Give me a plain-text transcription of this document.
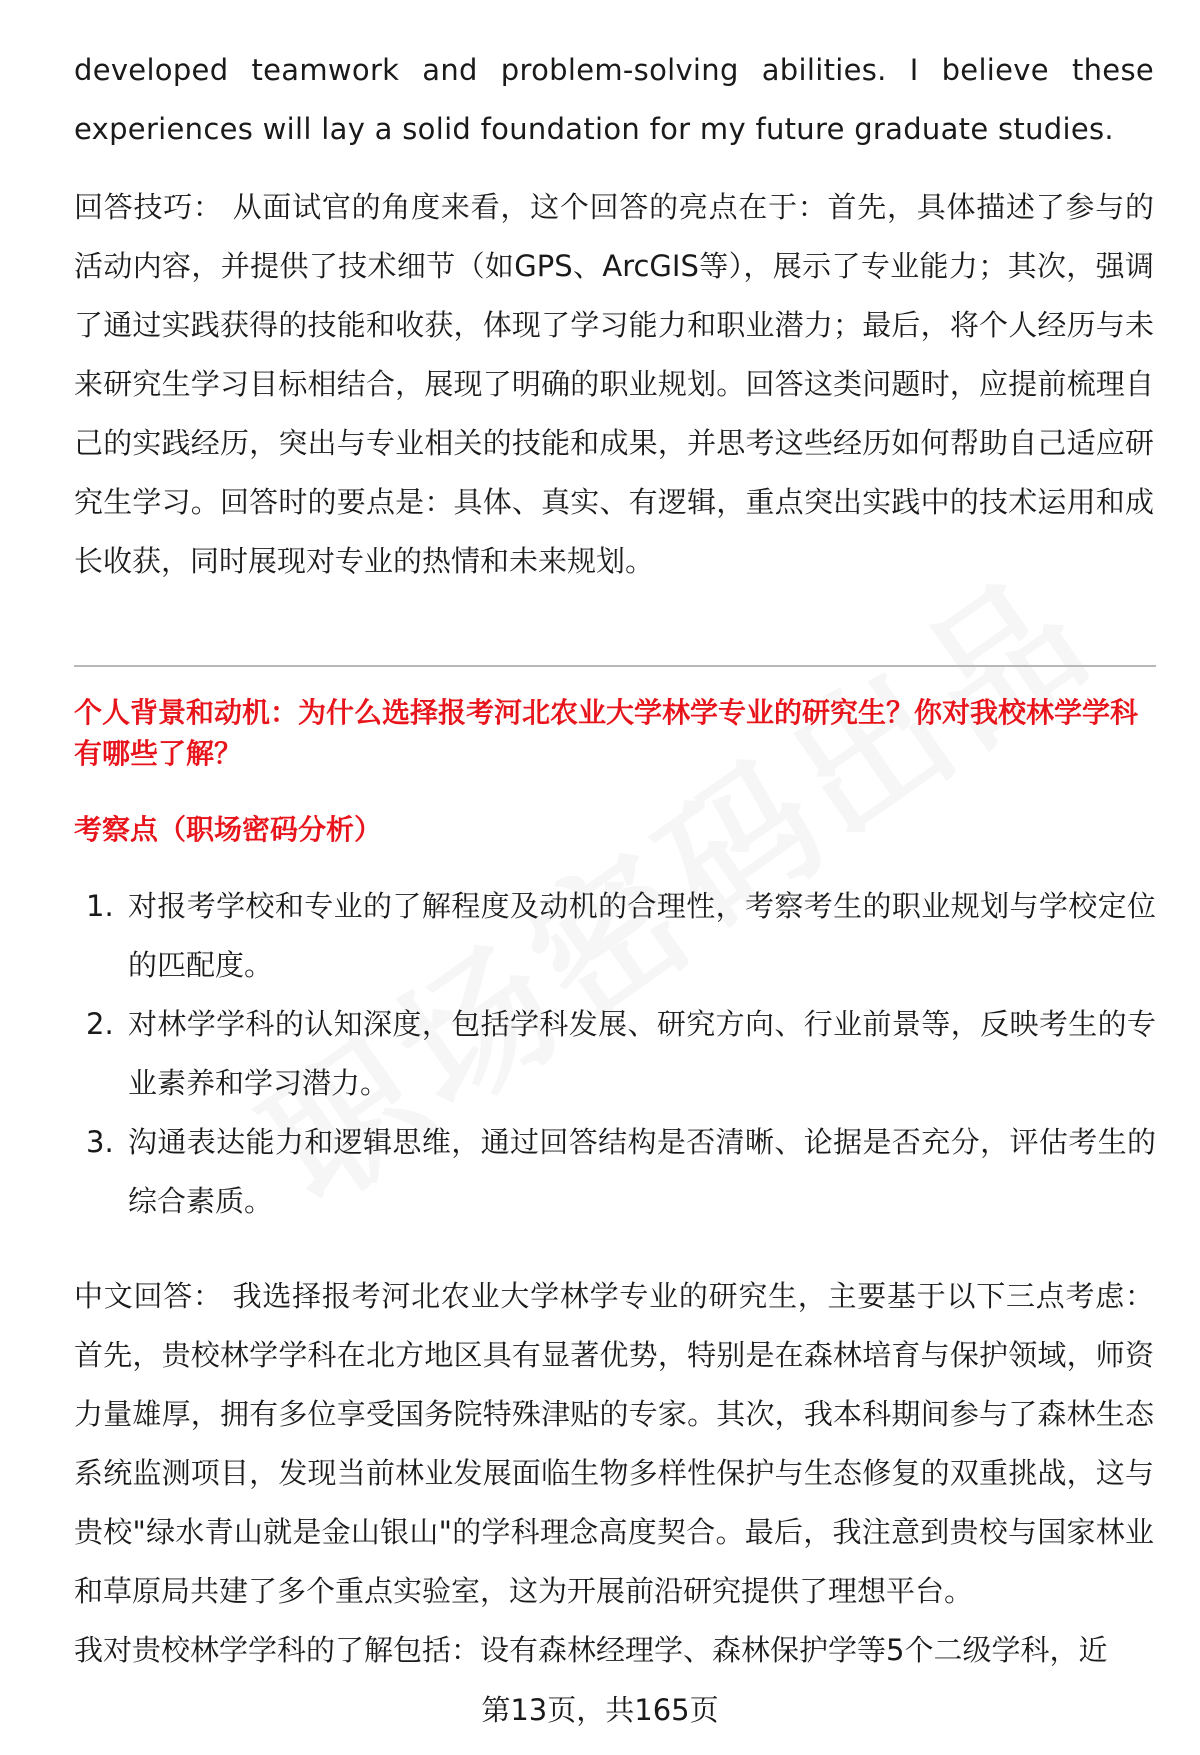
developed teamwork and problem-solving abilities. I believe these experiences will lay a solid foundation for my future graduate studies.

回答技巧： 从面试官的角度来看，这个回答的亮点在于：首先，具体描述了参与的活动内容，并提供了技术细节（如GPS、ArcGIS等），展示了专业能力；其次，强调了通过实践获得的技能和收获，体现了学习能力和职业潜力；最后，将个人经历与未来研究生学习目标相结合，展现了明确的职业规划。回答这类问题时，应提前梳理自己的实践经历，突出与专业相关的技能和成果，并思考这些经历如何帮助自己适应研究生学习。回答时的要点是：具体、真实、有逻辑，重点突出实践中的技术运用和成长收获，同时展现对专业的热情和未来规划。

个人背景和动机：为什么选择报考河北农业大学林学专业的研究生？你对我校林学学科有哪些了解？

考察点（职场密码分析）

1. 对报考学校和专业的了解程度及动机的合理性，考察考生的职业规划与学校定位的匹配度。
2. 对林学学科的认知深度，包括学科发展、研究方向、行业前景等，反映考生的专业素养和学习潜力。
3. 沟通表达能力和逻辑思维，通过回答结构是否清晰、论据是否充分，评估考生的综合素质。

中文回答： 我选择报考河北农业大学林学专业的研究生，主要基于以下三点考虑：首先，贵校林学学科在北方地区具有显著优势，特别是在森林培育与保护领域，师资力量雄厚，拥有多位享受国务院特殊津贴的专家。其次，我本科期间参与了森林生态系统监测项目，发现当前林业发展面临生物多样性保护与生态修复的双重挑战，这与贵校"绿水青山就是金山银山"的学科理念高度契合。最后，我注意到贵校与国家林业和草原局共建了多个重点实验室，这为开展前沿研究提供了理想平台。

我对贵校林学学科的了解包括：设有森林经理学、森林保护学等5个二级学科，近

第13页，共165页
